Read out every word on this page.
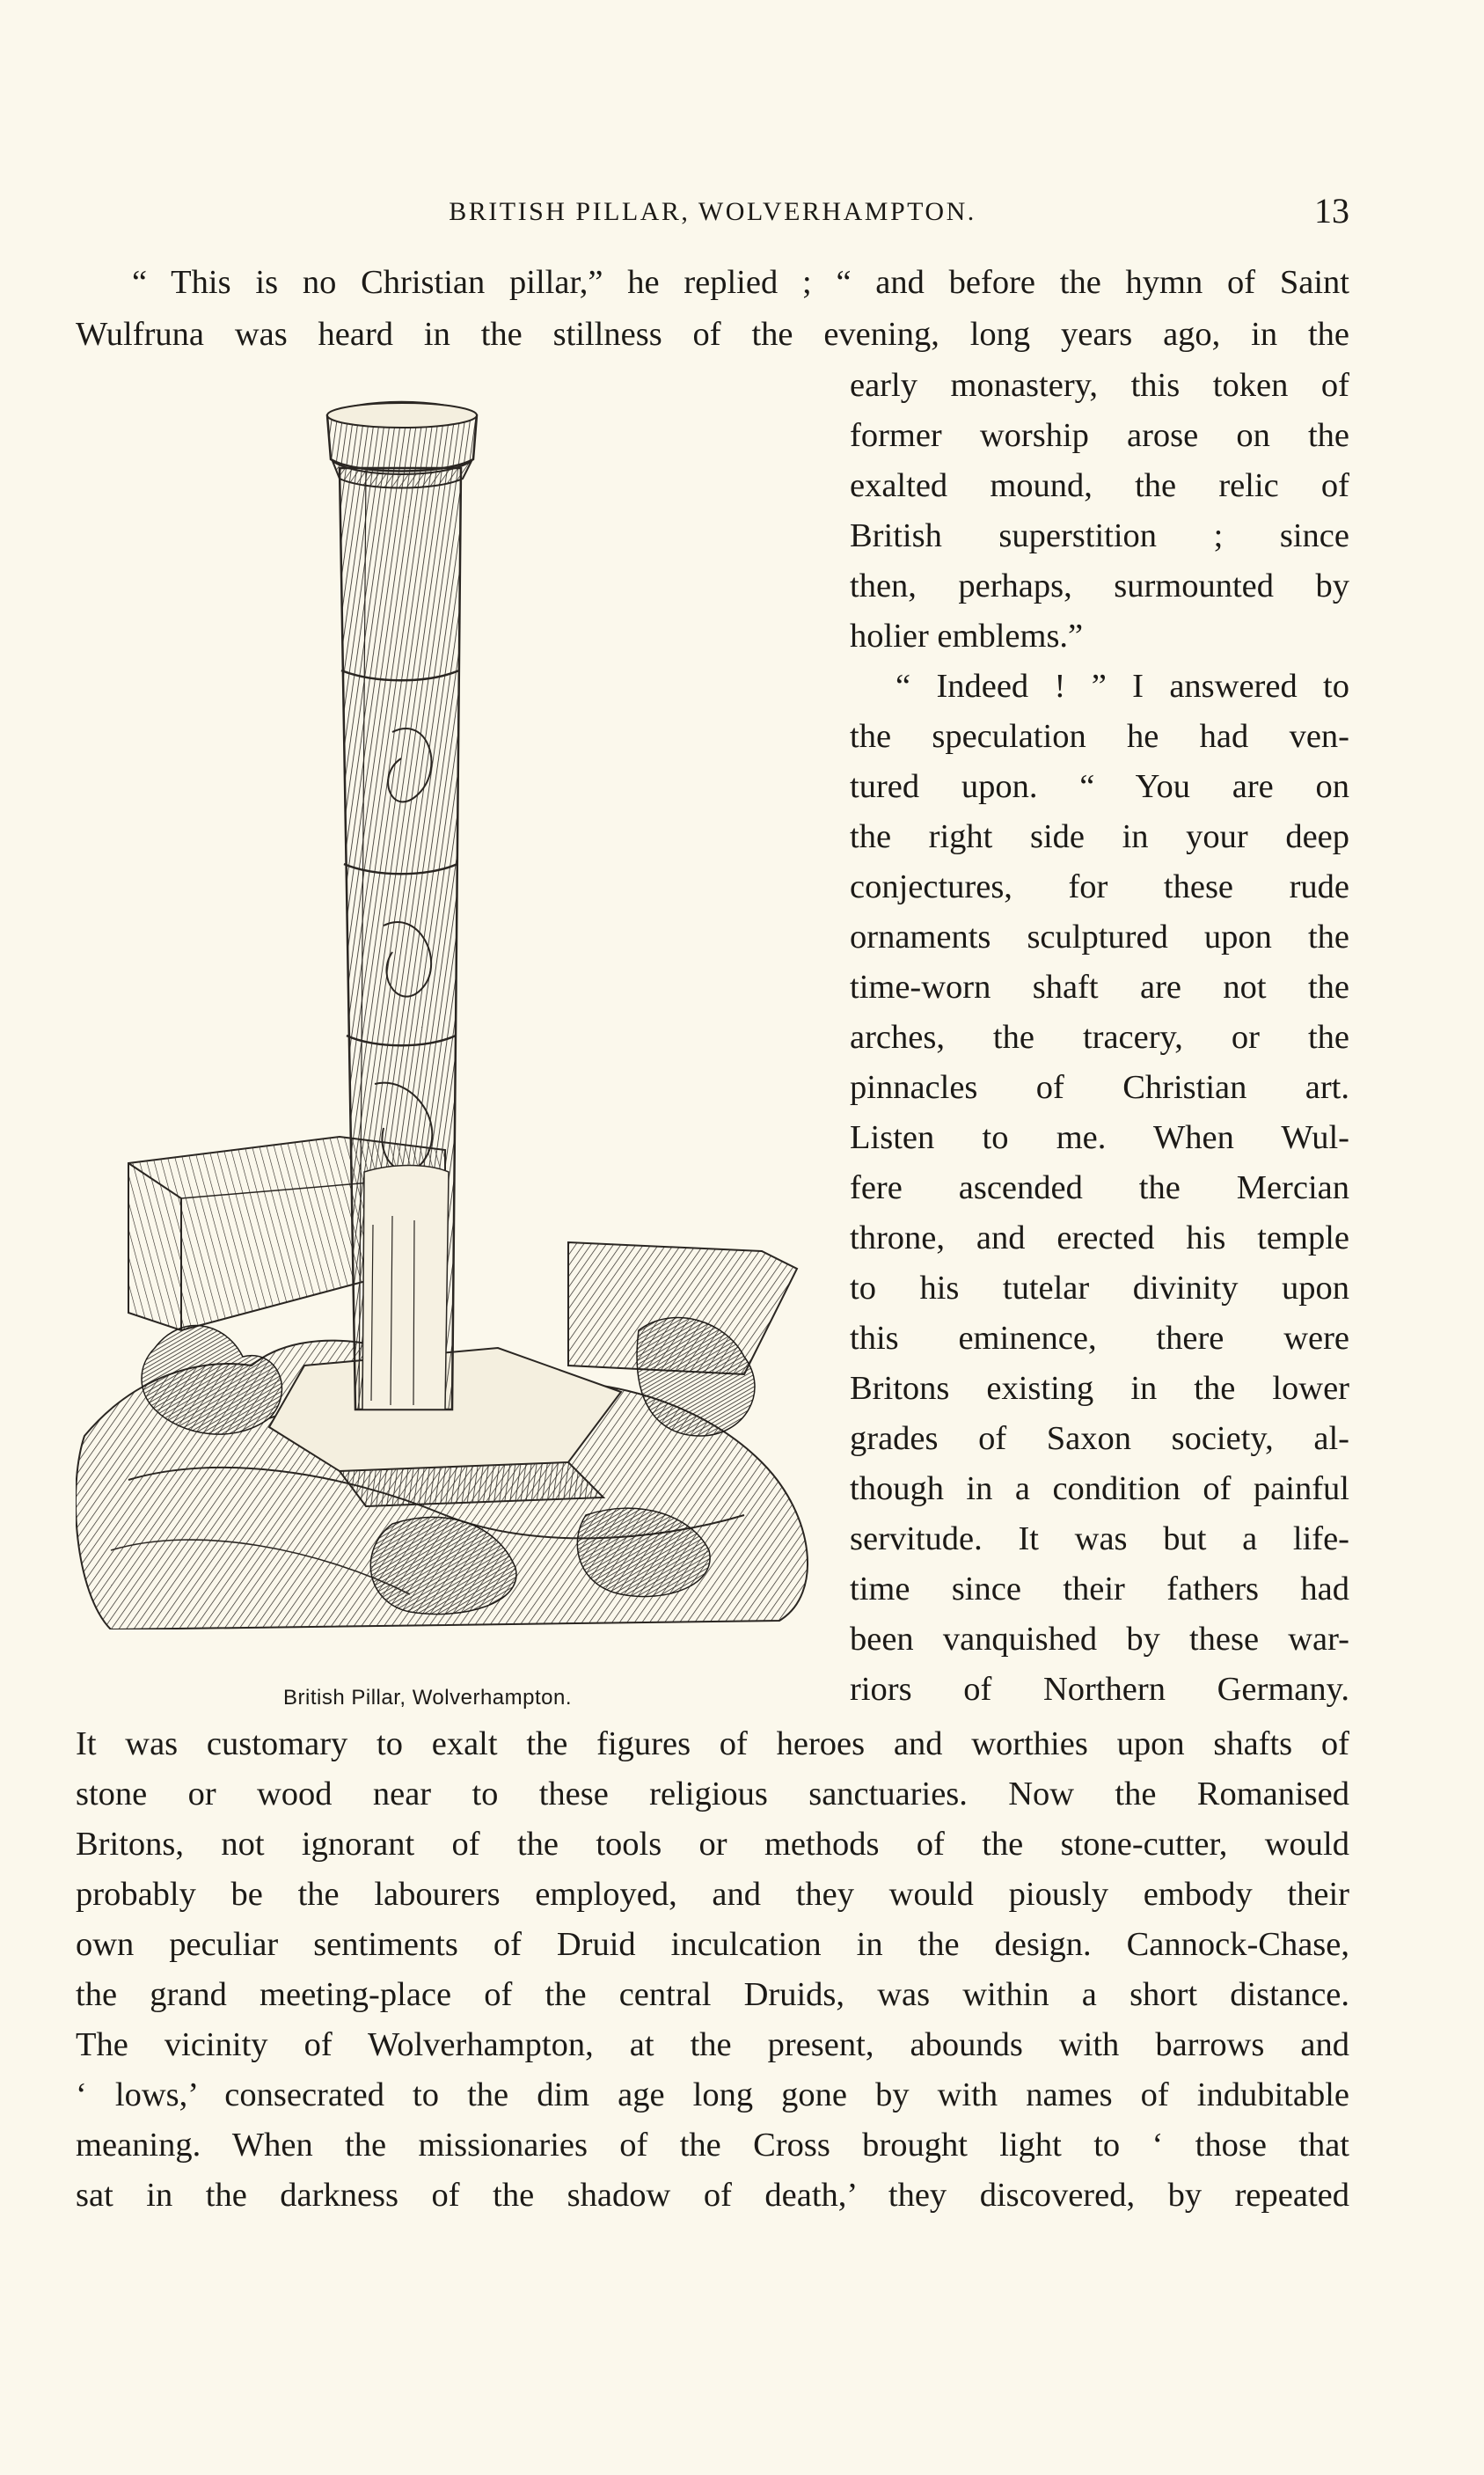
BRITISH PILLAR, WOLVERHAMPTON.	13
“ This is no Christian pillar,” he replied ; “ and before the hymn of Saint
Wulfruna was heard in the stillness of the evening, long years ago, in the
early monastery, this token of
former worship arose on the
exalted mound, the relic of
British superstition ; since
then, perhaps, surmounted by
holier emblems.”
“ Indeed ! ” I answered to
the speculation he had ven-
tured upon. “ You are on
the right side in your deep
conjectures, for these rude
ornaments sculptured upon the
time-worn shaft are not the
arches, the tracery, or the
pinnacles of Christian art.
Listen to me. When Wul-
fere ascended the Mercian
throne, and erected his temple
to his tutelar divinity upon
this eminence, there were
Britons existing in the lower
grades of Saxon society, al-
though in a condition of painful
servitude. It was but a life-
time since their fathers had
been vanquished by these war-
riors of Northern Germany.
British Pillar, Wolverhampton.
It was customary to exalt the figures of heroes and worthies upon shafts of
stone or wood near to these religious sanctuaries. Now the Romanised
Britons, not ignorant of the tools or methods of the stone-cutter, would
probably be the labourers employed, and they would piously embody their
own peculiar sentiments of Druid inculcation in the design. Cannock-Chase,
the grand meeting-place of the central Druids, was within a short distance.
The vicinity of Wolverhampton, at the present, abounds with barrows and
‘ lows,’ consecrated to the dim age long gone by with names of indubitable
meaning. When the missionaries of the Cross brought light to ‘ those that
sat in the darkness of the shadow of death,’ they discovered, by repeated
